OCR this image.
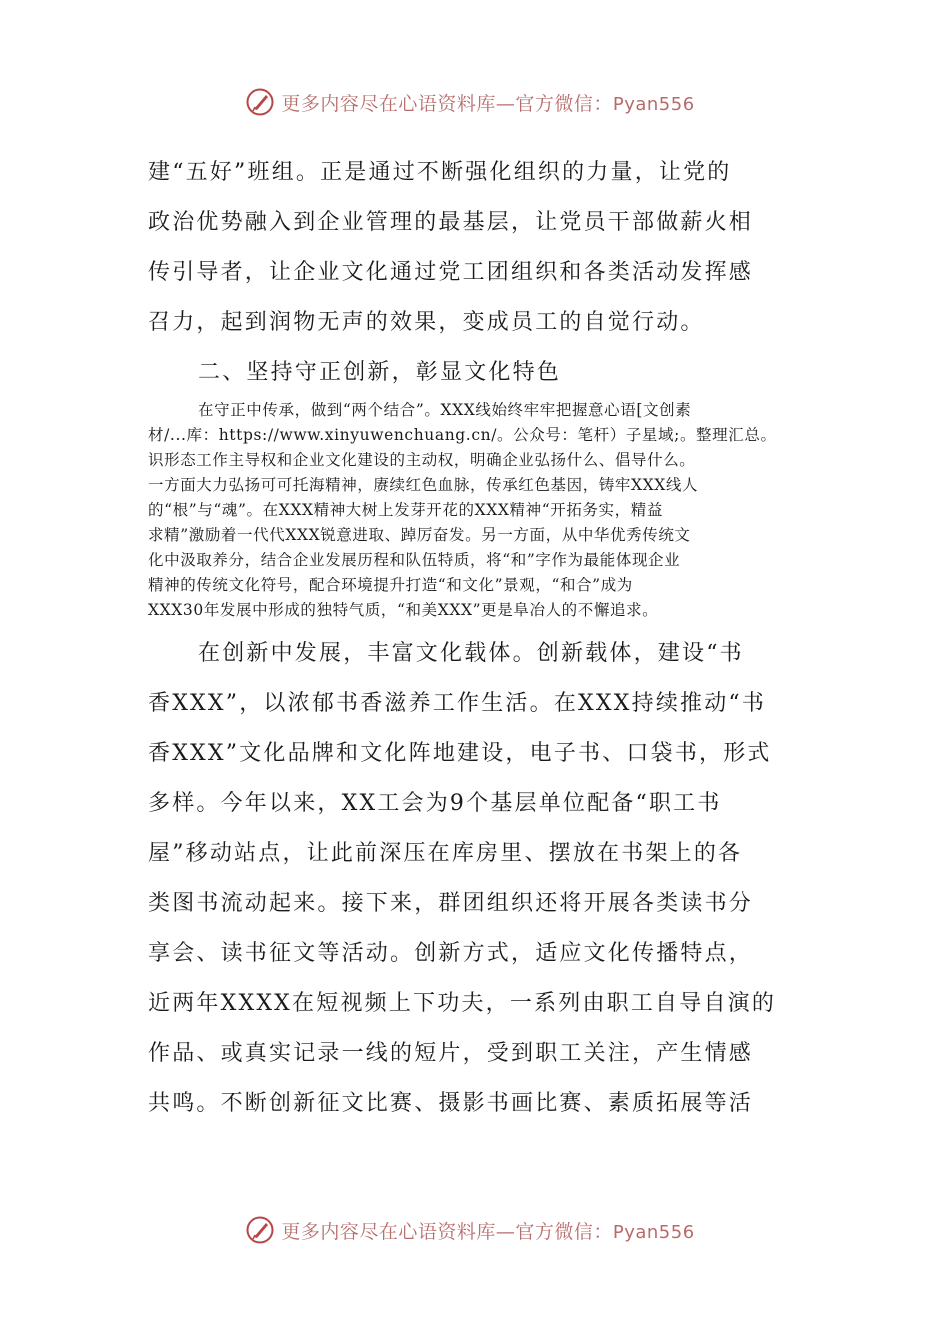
更多内容尽在心语资料库—官方微信：Pyan556
建“五好”班组。正是通过不断强化组织的力量，让党的
政治优势融入到企业管理的最基层，让党员干部做薪火相
传引导者，让企业文化通过党工团组织和各类活动发挥感
召力，起到润物无声的效果，变成员工的自觉行动。
二、坚持守正创新，彰显文化特色
在守正中传承，做到“两个结合”。XXX线始终牢牢把握意心语[文创素
材/...库：https://www.xinyuwenchuang.cn/。公众号：笔杆）子星域;。整理汇总。
识形态工作主导权和企业文化建设的主动权，明确企业弘扬什么、倡导什么。
一方面大力弘扬可可托海精神，赓续红色血脉，传承红色基因，铸牢XXX线人
的“根”与“魂”。在XXX精神大树上发芽开花的XXX精神“开拓务实，精益
求精”激励着一代代XXX锐意进取、踔厉奋发。另一方面，从中华优秀传统文
化中汲取养分，结合企业发展历程和队伍特质，将“和”字作为最能体现企业
精神的传统文化符号，配合环境提升打造“和文化”景观，“和合”成为
XXX30年发展中形成的独特气质，“和美XXX”更是阜冶人的不懈追求。
在创新中发展，丰富文化载体。创新载体，建设“书
香XXX”，以浓郁书香滋养工作生活。在XXX持续推动“书
香XXX”文化品牌和文化阵地建设，电子书、口袋书，形式
多样。今年以来，XX工会为9个基层单位配备“职工书
屋”移动站点，让此前深压在库房里、摆放在书架上的各
类图书流动起来。接下来，群团组织还将开展各类读书分
享会、读书征文等活动。创新方式，适应文化传播特点，
近两年XXXX在短视频上下功夫，一系列由职工自导自演的
作品、或真实记录一线的短片，受到职工关注，产生情感
共鸣。不断创新征文比赛、摄影书画比赛、素质拓展等活
更多内容尽在心语资料库—官方微信：Pyan556
